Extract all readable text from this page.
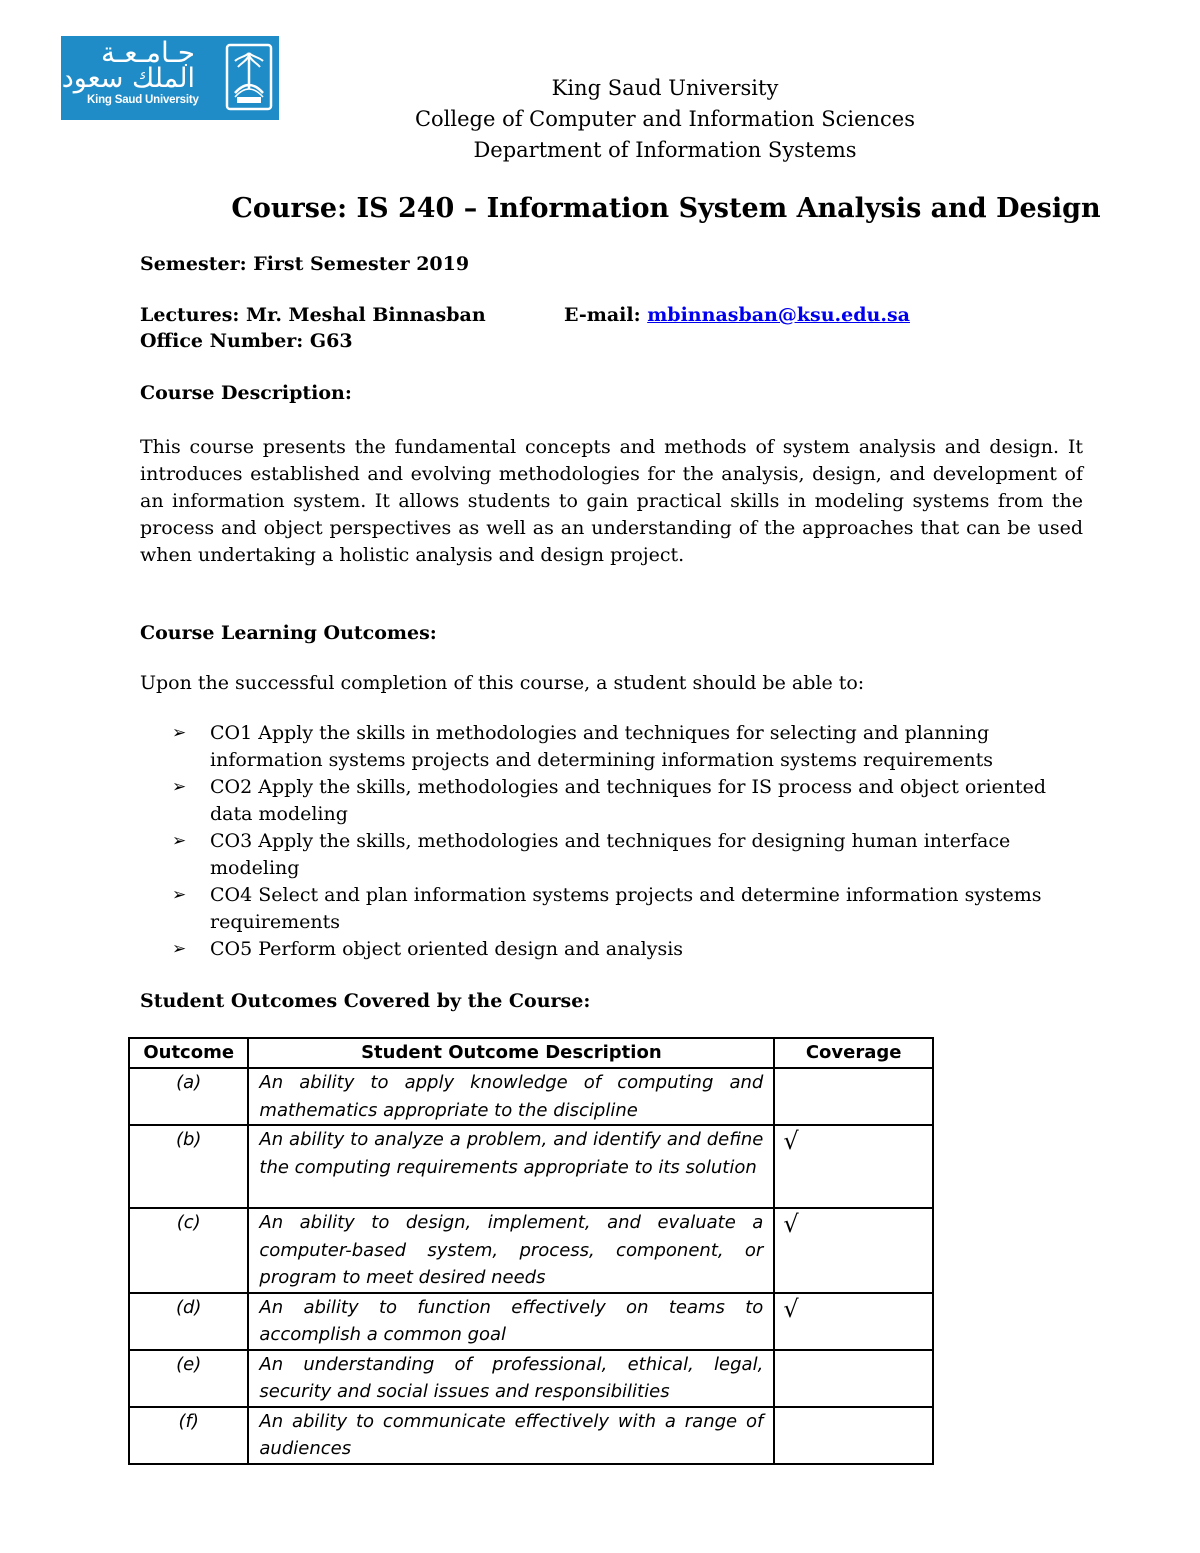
جـامـعـة
الملك سعود
King Saud University	King Saud University
College of Computer and Information Sciences
Department of Information Systems
Course: IS 240 – Information System Analysis and Design
Semester: First Semester 2019
Lectures: Mr. Meshal Binnasban	E-mail: mbinnasban@ksu.edu.sa
Office Number: G63
Course Description:
This course presents the fundamental concepts and methods of system analysis and design. It introduces established and evolving methodologies for the analysis, design, and development of an information system. It allows students to gain practical skills in modeling systems from the process and object perspectives as well as an understanding of the approaches that can be used when undertaking a holistic analysis and design project.
Course Learning Outcomes:
Upon the successful completion of this course, a student should be able to:
➢ CO1 Apply the skills in methodologies and techniques for selecting and planning information systems projects and determining information systems requirements
➢ CO2 Apply the skills, methodologies and techniques for IS process and object oriented data modeling
➢ CO3 Apply the skills, methodologies and techniques for designing human interface modeling
➢ CO4 Select and plan information systems projects and determine information systems requirements
➢ CO5 Perform object oriented design and analysis
Student Outcomes Covered by the Course:
Outcome	Student Outcome Description	Coverage
(a)	An ability to apply knowledge of computing and mathematics appropriate to the discipline	
(b)	An ability to analyze a problem, and identify and define the computing requirements appropriate to its solution	√
(c)	An ability to design, implement, and evaluate a computer-based system, process, component, or program to meet desired needs	√
(d)	An ability to function effectively on teams to accomplish a common goal	√
(e)	An understanding of professional, ethical, legal, security and social issues and responsibilities	
(f)	An ability to communicate effectively with a range of audiences	
